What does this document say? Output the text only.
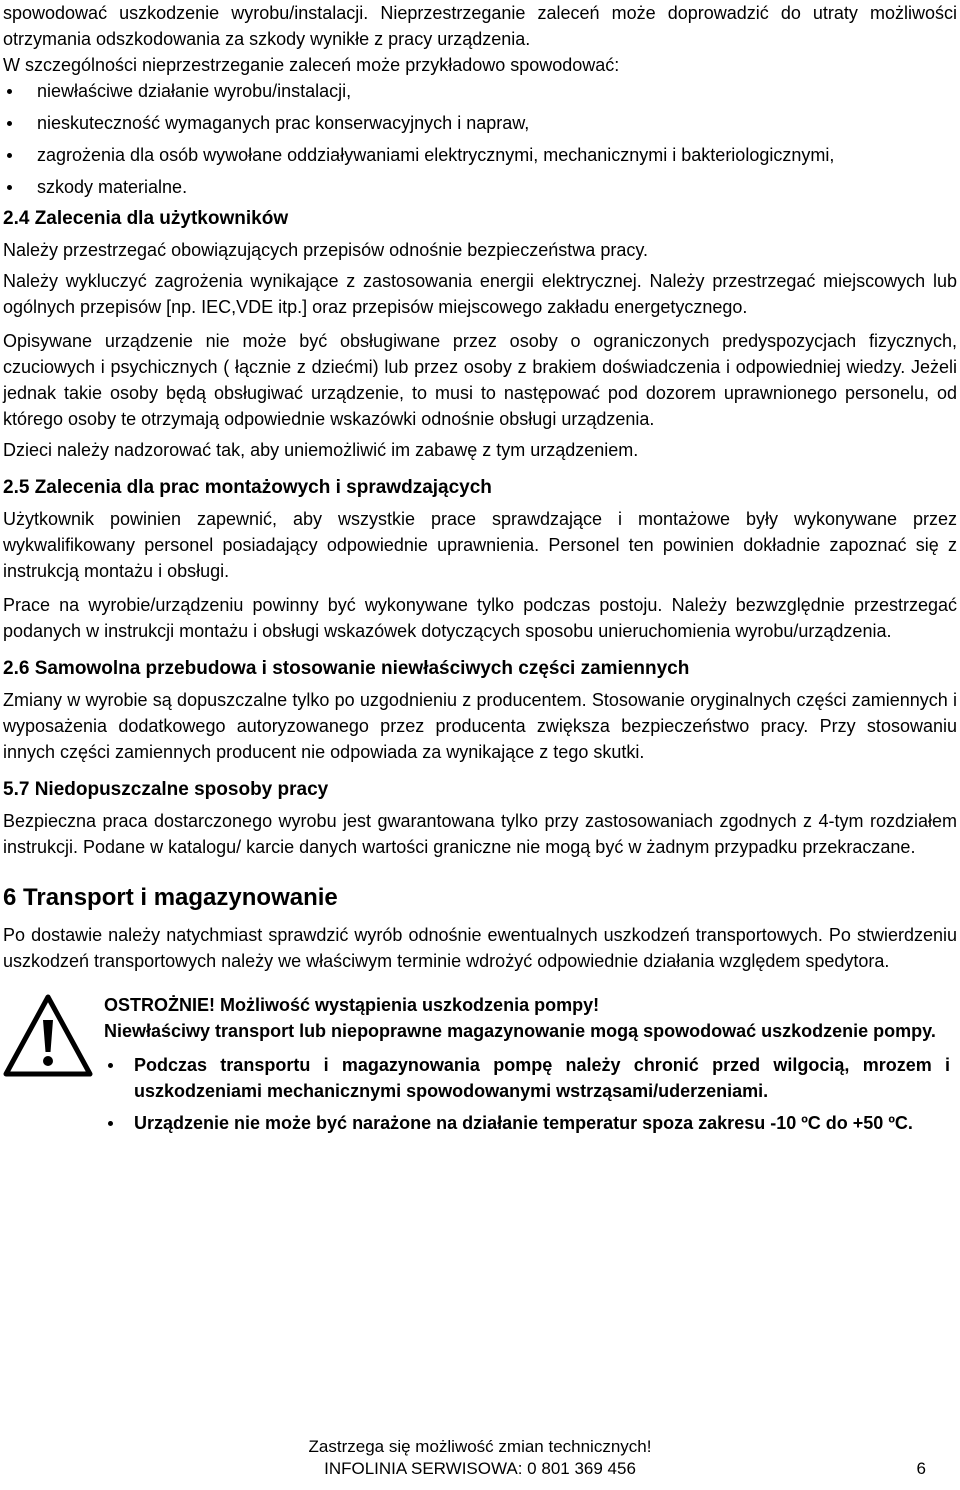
spowodować uszkodzenie wyrobu/instalacji. Nieprzestrzeganie zaleceń może doprowadzić do utraty możliwości otrzymania odszkodowania za szkody wynikłe z pracy urządzenia.

W szczególności nieprzestrzeganie zaleceń może przykładowo spowodować:

niewłaściwe działanie wyrobu/instalacji,
nieskuteczność wymaganych prac konserwacyjnych i napraw,
zagrożenia dla osób wywołane oddziaływaniami elektrycznymi, mechanicznymi i bakteriologicznymi,
szkody materialne.
2.4 Zalecenia dla użytkowników

Należy przestrzegać obowiązujących przepisów odnośnie bezpieczeństwa pracy.

Należy wykluczyć zagrożenia wynikające z zastosowania energii elektrycznej. Należy przestrzegać miejscowych lub ogólnych przepisów [np. IEC,VDE itp.] oraz przepisów miejscowego zakładu energetycznego.

Opisywane urządzenie nie może być obsługiwane przez osoby o ograniczonych predyspozycjach fizycznych, czuciowych i psychicznych ( łącznie z dziećmi) lub przez osoby z brakiem doświadczenia i odpowiedniej wiedzy. Jeżeli jednak takie osoby będą obsługiwać urządzenie, to musi to następować pod dozorem uprawnionego personelu, od którego osoby te otrzymają odpowiednie wskazówki odnośnie obsługi urządzenia.

Dzieci należy nadzorować tak, aby uniemożliwić im zabawę z tym urządzeniem.

2.5 Zalecenia dla prac montażowych i sprawdzających

Użytkownik powinien zapewnić, aby wszystkie prace sprawdzające i montażowe były wykonywane przez wykwalifikowany personel posiadający odpowiednie uprawnienia. Personel ten powinien dokładnie zapoznać się z instrukcją montażu i obsługi.

Prace na wyrobie/urządzeniu powinny być wykonywane tylko podczas postoju. Należy bezwzględnie przestrzegać podanych w instrukcji montażu i obsługi wskazówek dotyczących sposobu unieruchomienia wyrobu/urządzenia.

2.6 Samowolna przebudowa i stosowanie niewłaściwych części zamiennych

Zmiany w wyrobie są dopuszczalne tylko po uzgodnieniu z producentem. Stosowanie oryginalnych części zamiennych i wyposażenia dodatkowego autoryzowanego przez producenta zwiększa bezpieczeństwo pracy. Przy stosowaniu innych części zamiennych producent nie odpowiada za wynikające z tego skutki.

5.7 Niedopuszczalne sposoby pracy

Bezpieczna praca dostarczonego wyrobu jest gwarantowana tylko przy zastosowaniach zgodnych z 4-tym rozdziałem instrukcji. Podane w katalogu/ karcie danych wartości graniczne nie mogą być w żadnym przypadku przekraczane.

6 Transport i magazynowanie

Po dostawie należy natychmiast sprawdzić wyrób odnośnie ewentualnych uszkodzeń transportowych. Po stwierdzeniu uszkodzeń transportowych należy we właściwym terminie wdrożyć odpowiednie działania względem spedytora.

OSTROŻNIE! Możliwość wystąpienia uszkodzenia pompy!

Niewłaściwy transport lub niepoprawne magazynowanie mogą spowodować uszkodzenie pompy.

Podczas transportu i magazynowania pompę należy chronić przed wilgocią, mrozem i uszkodzeniami mechanicznymi spowodowanymi wstrząsami/uderzeniami.
Urządzenie nie może być narażone na działanie temperatur spoza zakresu -10 ºC do +50 ºC.
Zastrzega się możliwość zmian technicznych!
INFOLINIA SERWISOWA: 0 801 369 456	6
